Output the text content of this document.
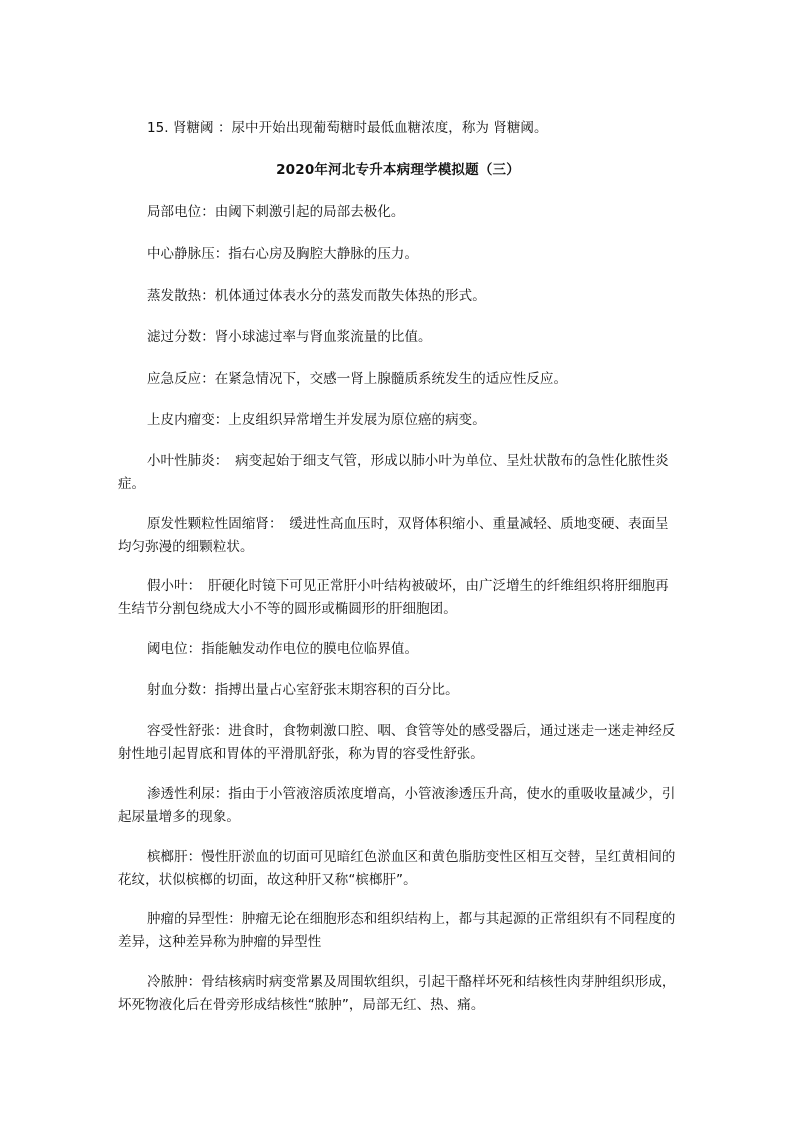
15. 肾糖阈 ：尿中开始出现葡萄糖时最低血糖浓度，称为 肾糖阈。

2020年河北专升本病理学模拟题（三）

局部电位：由阈下刺激引起的局部去极化。

中心静脉压：指右心房及胸腔大静脉的压力。

蒸发散热：机体通过体表水分的蒸发而散失体热的形式。

滤过分数：肾小球滤过率与肾血浆流量的比值。

应急反应：在紧急情况下，交感一肾上腺髓质系统发生的适应性反应。

上皮内瘤变：上皮组织异常增生并发展为原位癌的病变。

小叶性肺炎：　病变起始于细支气管，形成以肺小叶为单位、呈灶状散布的急性化脓性炎症。

原发性颗粒性固缩肾：　缓进性高血压时，双肾体积缩小、重量减轻、质地变硬、表面呈均匀弥漫的细颗粒状。

假小叶：　肝硬化时镜下可见正常肝小叶结构被破坏，由广泛增生的纤维组织将肝细胞再生结节分割包绕成大小不等的圆形或椭圆形的肝细胞团。

阈电位：指能触发动作电位的膜电位临界值。

射血分数：指搏出量占心室舒张末期容积的百分比。

容受性舒张：进食时，食物刺激口腔、咽、食管等处的感受器后，通过迷走一迷走神经反射性地引起胃底和胃体的平滑肌舒张，称为胃的容受性舒张。

渗透性利尿：指由于小管液溶质浓度增高，小管液渗透压升高，使水的重吸收量减少，引起尿量增多的现象。

槟榔肝：慢性肝淤血的切面可见暗红色淤血区和黄色脂肪变性区相互交替，呈红黄相间的花纹，状似槟榔的切面，故这种肝又称“槟榔肝”。

肿瘤的异型性：肿瘤无论在细胞形态和组织结构上，都与其起源的正常组织有不同程度的差异，这种差异称为肿瘤的异型性

冷脓肿：骨结核病时病变常累及周围软组织，引起干酪样坏死和结核性肉芽肿组织形成，坏死物液化后在骨旁形成结核性“脓肿”，局部无红、热、痛。
